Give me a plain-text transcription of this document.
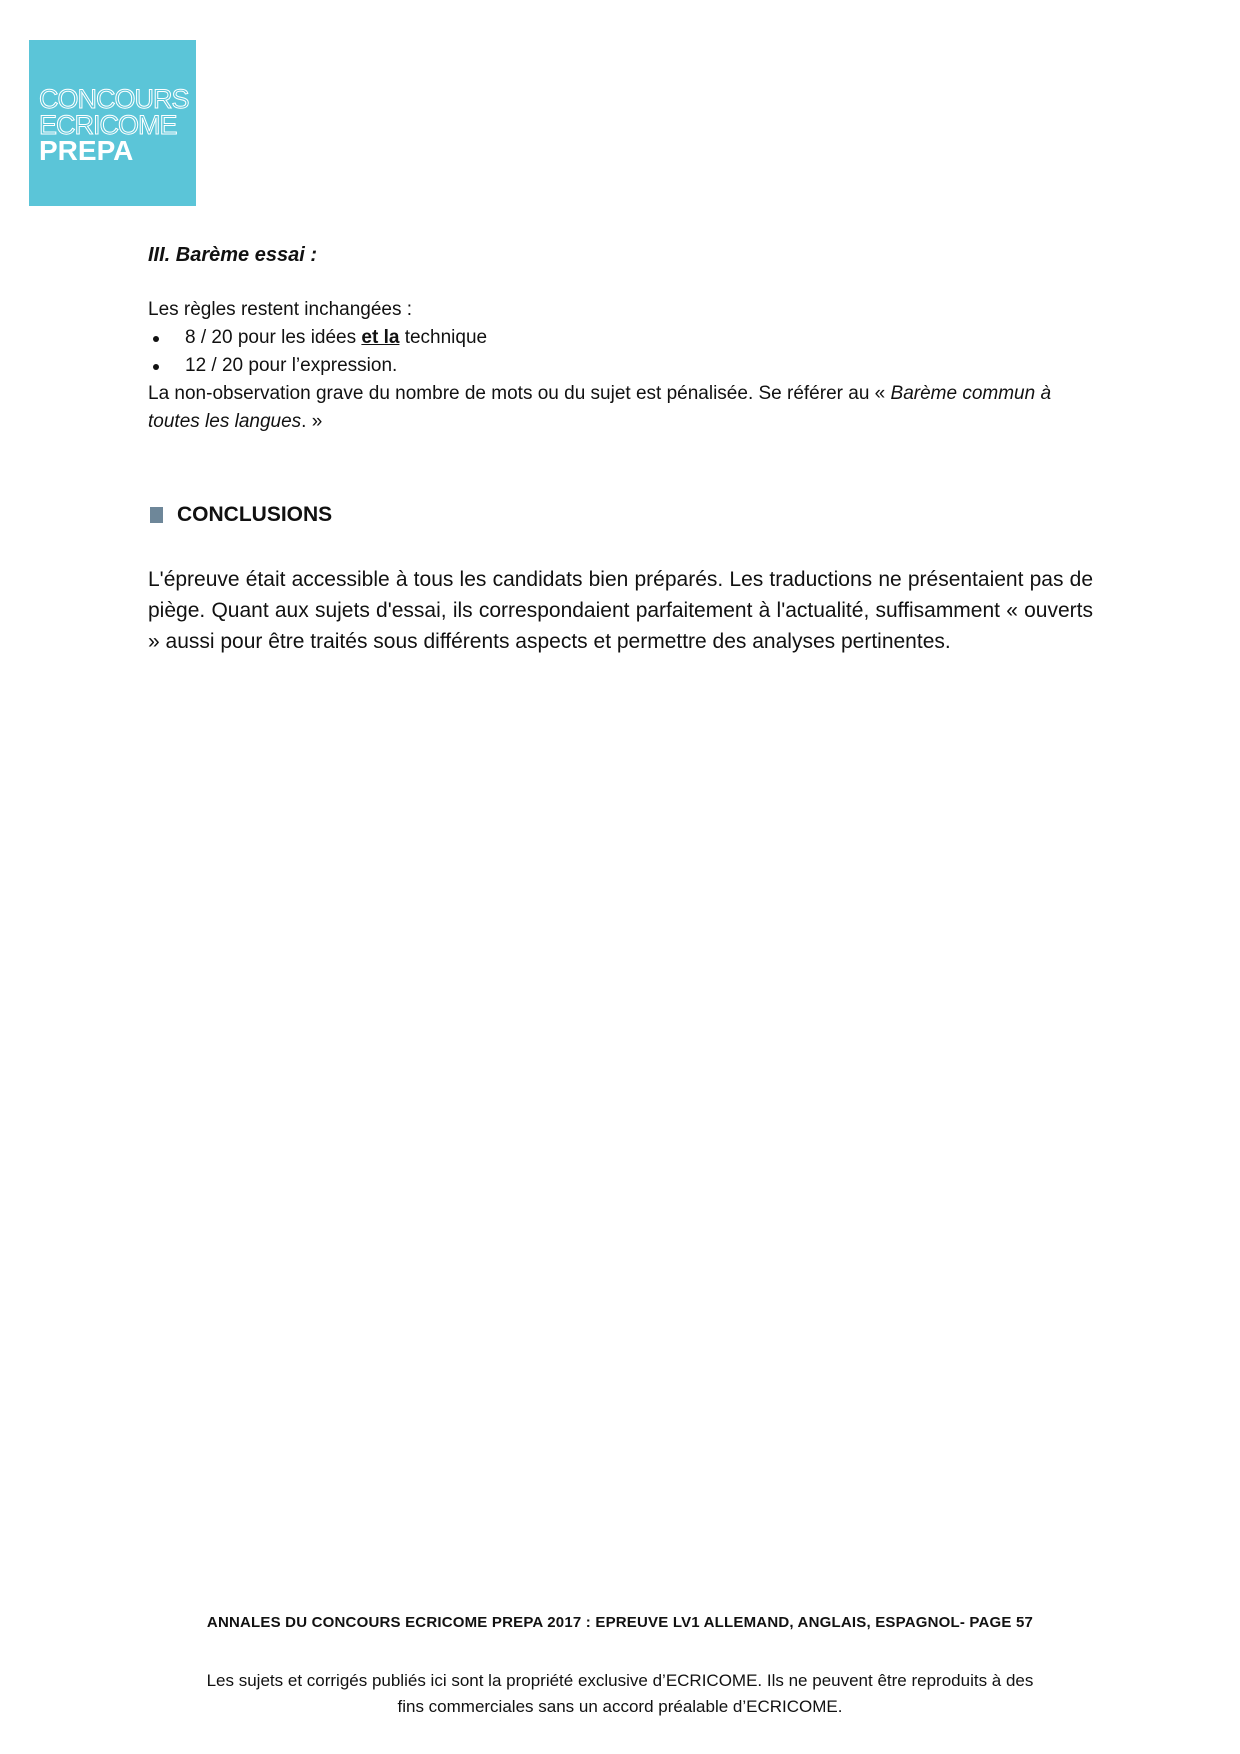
CONCOURS
ECRICOME
PREPA
III. Barème essai :

Les règles restent inchangées :

8 / 20 pour les idées et la technique
12 / 20 pour l’expression.

La non-observation grave du nombre de mots ou du sujet est pénalisée. Se référer au « Barème commun à toutes les langues. »

CONCLUSIONS
L'épreuve était accessible à tous les candidats bien préparés. Les traductions ne présentaient pas de piège. Quant aux sujets d'essai, ils correspondaient parfaitement à l'actualité, suffisamment « ouverts » aussi pour être traités sous différents aspects et permettre des analyses pertinentes.
ANNALES DU CONCOURS ECRICOME PREPA 2017 : EPREUVE LV1 ALLEMAND, ANGLAIS, ESPAGNOL- PAGE 57
Les sujets et corrigés publiés ici sont la propriété exclusive d’ECRICOME. Ils ne peuvent être reproduits à des
fins commerciales sans un accord préalable d’ECRICOME.
